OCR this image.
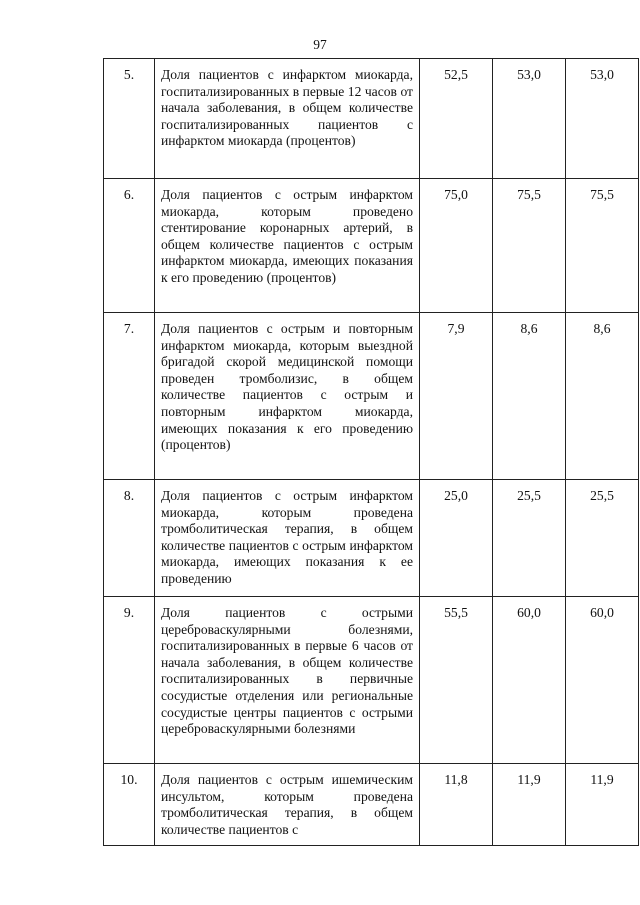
97
5.	Доля пациентов с инфарктом миокарда, госпитализированных в первые 12 часов от начала заболевания, в общем количестве госпитализированных пациентов с инфарктом миокарда (процентов)	52,5	53,0	53,0
6.	Доля пациентов с острым инфарктом миокарда, которым проведено стентирование коронарных артерий, в общем количестве пациентов с острым инфарктом миокарда, имеющих показания к его проведению (процентов)	75,0	75,5	75,5
7.	Доля пациентов с острым и повторным инфарктом миокарда, которым выездной бригадой скорой медицинской помощи проведен тромболизис, в общем количестве пациентов с острым и повторным инфарктом миокарда, имеющих показания к его проведению (процентов)	7,9	8,6	8,6
8.	Доля пациентов с острым инфарктом миокарда, которым проведена тромболитическая терапия, в общем количестве пациентов с острым инфарктом миокарда, имеющих показания к ее проведению	25,0	25,5	25,5
9.	Доля пациентов с острыми цереброваскулярными болезнями, госпитализированных в первые 6 часов от начала заболевания, в общем количестве госпитализированных в первичные сосудистые отделения или региональные сосудистые центры пациентов с острыми цереброваскулярными болезнями	55,5	60,0	60,0
10.	Доля пациентов с острым ишемическим инсультом, которым проведена тромболитическая терапия, в общем количестве пациентов с	11,8	11,9	11,9
